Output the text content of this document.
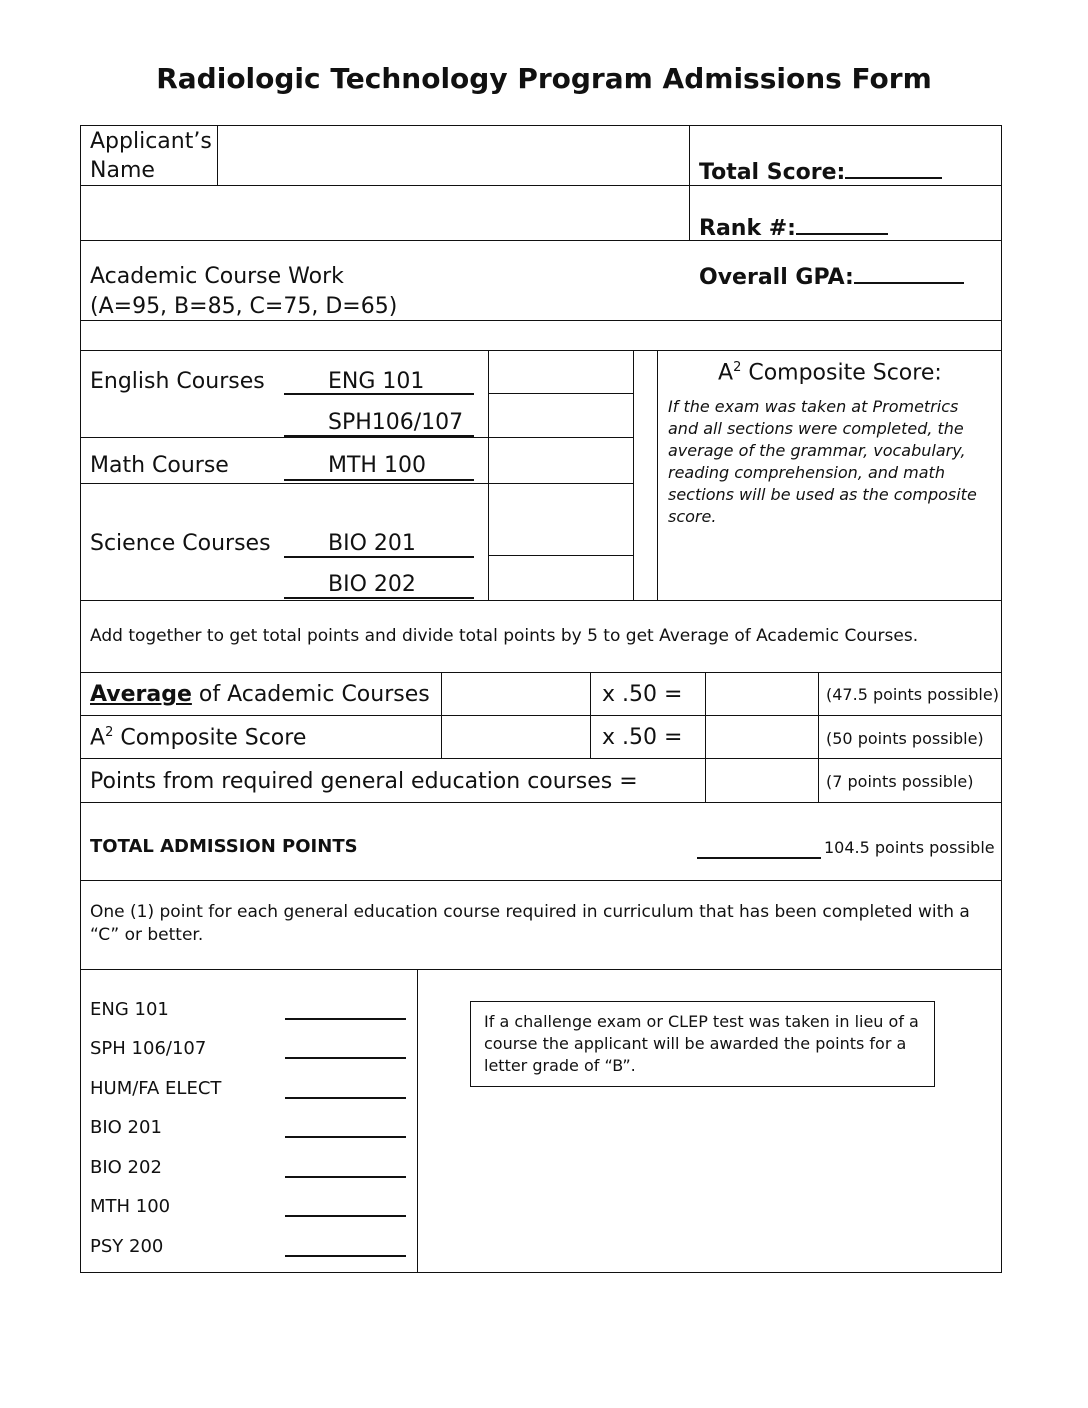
Radiologic Technology Program Admissions Form
Applicant’s
Name	Total Score:
Rank #:
Academic Course Work
(A=95, B=85, C=75, D=65)
Overall GPA:
English Courses	ENG 101
SPH106/107
Math Course	MTH 100
Science Courses	BIO 201
BIO 202
$A^2$ Composite Score:
If the exam was taken at Prometrics and all sections were completed, the average of the grammar, vocabulary, reading comprehension, and math sections will be used as the composite score.
Add together to get total points and divide total points by 5 to get Average of Academic Courses.
Average of Academic Courses	x .50 =	(47.5 points possible)
$A^2$ Composite Score	x .50 =	(50 points possible)
Points from required general education courses =	(7 points possible)
TOTAL ADMISSION POINTS	104.5 points possible
One (1) point for each general education course required in curriculum that has been completed with a “C” or better.
ENG 101
SPH 106/107
HUM/FA ELECT
BIO 201
BIO 202
MTH 100
PSY 200
If a challenge exam or CLEP test was taken in lieu of a course the applicant will be awarded the points for a letter grade of “B”.
